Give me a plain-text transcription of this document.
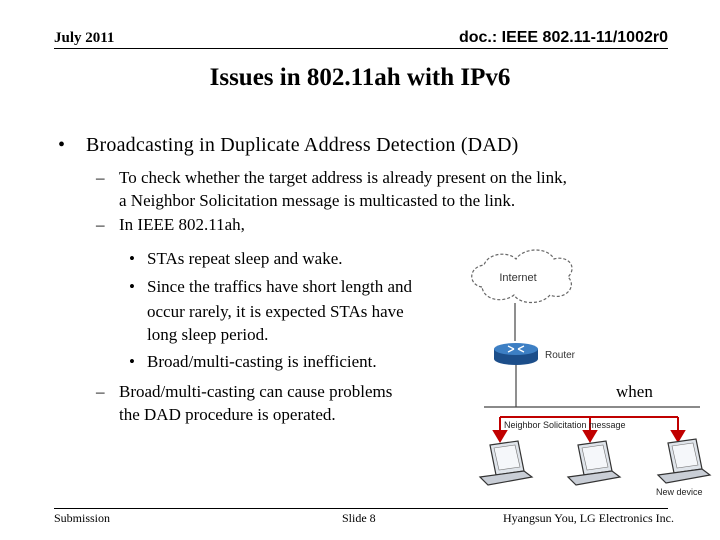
July 2011	doc.: IEEE 802.11-11/1002r0
Issues in 802.11ah with IPv6
• Broadcasting in Duplicate Address Detection (DAD)
– To check whether the target address is already present on the link,
a Neighbor Solicitation message is multicasted to the link.
– In IEEE 802.11ah,
• STAs repeat sleep and wake.
• Since the traffics have short length and
occur rarely, it is expected STAs have
long sleep period.
• Broad/multi-casting is inefficient.
– Broad/multi-casting can cause problems	when
the DAD procedure is operated.
Internet
Router
Neighbor Solicitation message
New device
Submission	Slide 8	Hyangsun You, LG Electronics Inc.
